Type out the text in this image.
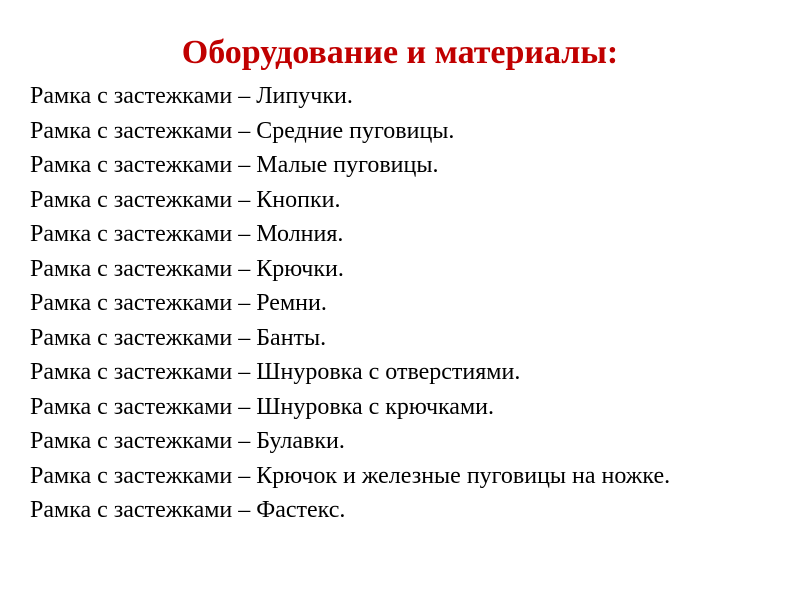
Оборудование и материалы:
Рамка с застежками – Липучки.
Рамка с застежками – Средние пуговицы.
Рамка с застежками – Малые пуговицы.
Рамка с застежками – Кнопки.
Рамка с застежками – Молния.
Рамка с застежками – Крючки.
Рамка с застежками – Ремни.
Рамка с застежками – Банты.
Рамка с застежками – Шнуровка с отверстиями.
Рамка с застежками – Шнуровка с крючками.
Рамка с застежками – Булавки.
Рамка с застежками – Крючок и железные пуговицы на ножке.
Рамка с застежками – Фастекс.
